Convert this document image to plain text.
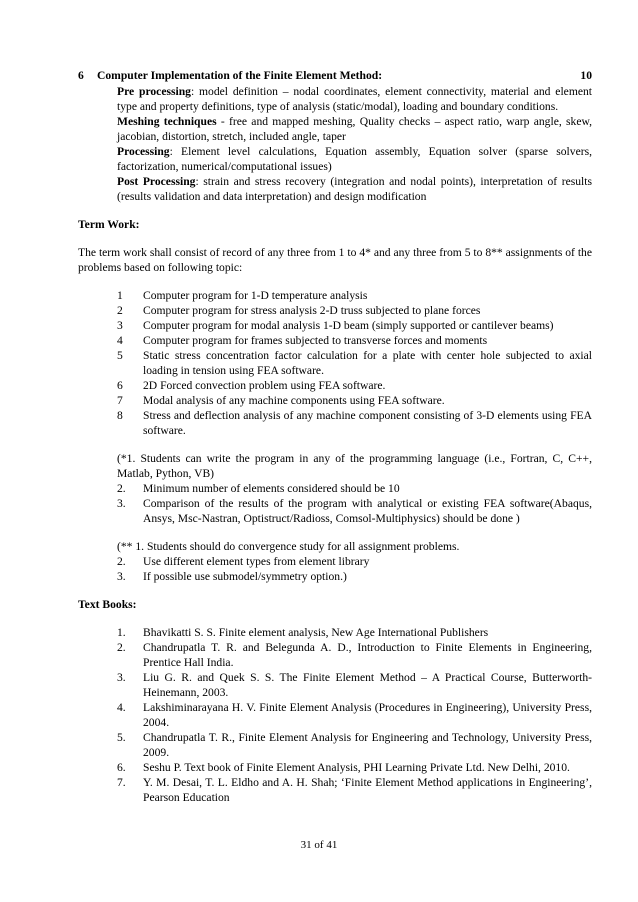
6	Computer Implementation of the Finite Element Method:	10

Pre processing: model definition – nodal coordinates, element connectivity, material and element type and property definitions, type of analysis (static/modal), loading and boundary conditions.

Meshing techniques - free and mapped meshing, Quality checks – aspect ratio, warp angle, skew, jacobian, distortion, stretch, included angle, taper

Processing: Element level calculations, Equation assembly, Equation solver (sparse solvers, factorization, numerical/computational issues)

Post Processing: strain and stress recovery (integration and nodal points), interpretation of results (results validation and data interpretation) and design modification

Term Work:

The term work shall consist of record of any three from 1 to 4* and any three from 5 to 8** assignments of the problems based on following topic:

1	Computer program for 1-D temperature analysis
2	Computer program for stress analysis 2-D truss subjected to plane forces
3	Computer program for modal analysis 1-D beam (simply supported or cantilever beams)
4	Computer program for frames subjected to transverse forces and moments
5	Static stress concentration factor calculation for a plate with center hole subjected to axial loading in tension using FEA software.
6	2D Forced convection problem using FEA software.
7	Modal analysis of any machine components using FEA software.
8	Stress and deflection analysis of any machine component consisting of 3-D elements using FEA software.
(*1. Students can write the program in any of the programming language (i.e., Fortran, C, C++, Matlab, Python, VB)
2.	Minimum number of elements considered should be 10
3.	Comparison of the results of the program with analytical or existing FEA software(Abaqus, Ansys, Msc-Nastran, Optistruct/Radioss, Comsol-Multiphysics) should be done )
(** 1. Students should do convergence study for all assignment problems.
2.	Use different element types from element library
3.	If possible use submodel/symmetry option.)
Text Books:
1.	Bhavikatti S. S. Finite element analysis, New Age International Publishers
2.	Chandrupatla T. R. and Belegunda A. D., Introduction to Finite Elements in Engineering, Prentice Hall India.
3.	Liu G. R. and Quek S. S. The Finite Element Method – A Practical Course, Butterworth-Heinemann, 2003.
4.	Lakshiminarayana H. V. Finite Element Analysis (Procedures in Engineering), University Press, 2004.
5.	Chandrupatla T. R., Finite Element Analysis for Engineering and Technology, University Press, 2009.
6.	Seshu P. Text book of Finite Element Analysis, PHI Learning Private Ltd. New Delhi, 2010.
7.	Y. M. Desai, T. L. Eldho and A. H. Shah; ‘Finite Element Method applications in Engineering’, Pearson Education
31 of 41
